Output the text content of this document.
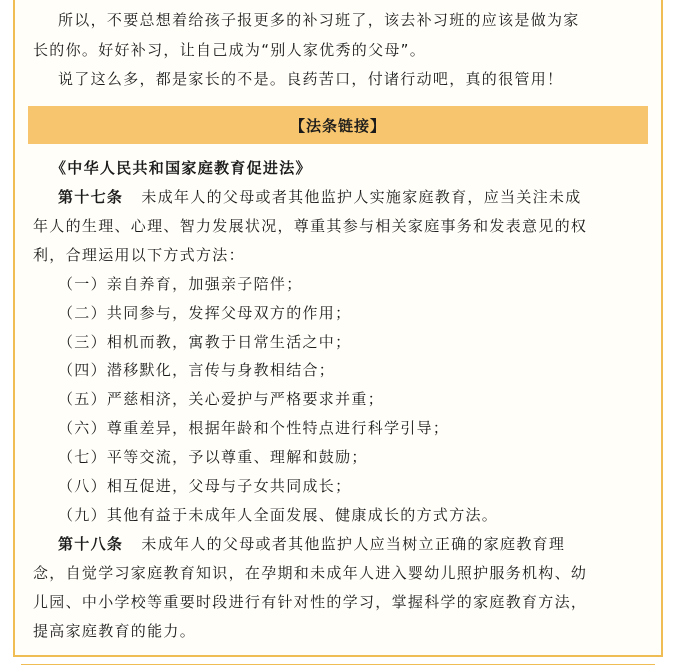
所以，不要总想着给孩子报更多的补习班了，该去补习班的应该是做为家

长的你。好好补习，让自己成为“别人家优秀的父母”。

说了这么多，都是家长的不是。良药苦口，付诸行动吧，真的很管用！

【法条链接】

《中华人民共和国家庭教育促进法》

第十七条 未成年人的父母或者其他监护人实施家庭教育，应当关注未成

年人的生理、心理、智力发展状况，尊重其参与相关家庭事务和发表意见的权

利，合理运用以下方式方法：

（一）亲自养育，加强亲子陪伴；

（二）共同参与，发挥父母双方的作用；

（三）相机而教，寓教于日常生活之中；

（四）潜移默化，言传与身教相结合；

（五）严慈相济，关心爱护与严格要求并重；

（六）尊重差异，根据年龄和个性特点进行科学引导；

（七）平等交流，予以尊重、理解和鼓励；

（八）相互促进，父母与子女共同成长；

（九）其他有益于未成年人全面发展、健康成长的方式方法。

第十八条 未成年人的父母或者其他监护人应当树立正确的家庭教育理

念，自觉学习家庭教育知识，在孕期和未成年人进入婴幼儿照护服务机构、幼

儿园、中小学校等重要时段进行有针对性的学习，掌握科学的家庭教育方法，

提高家庭教育的能力。
